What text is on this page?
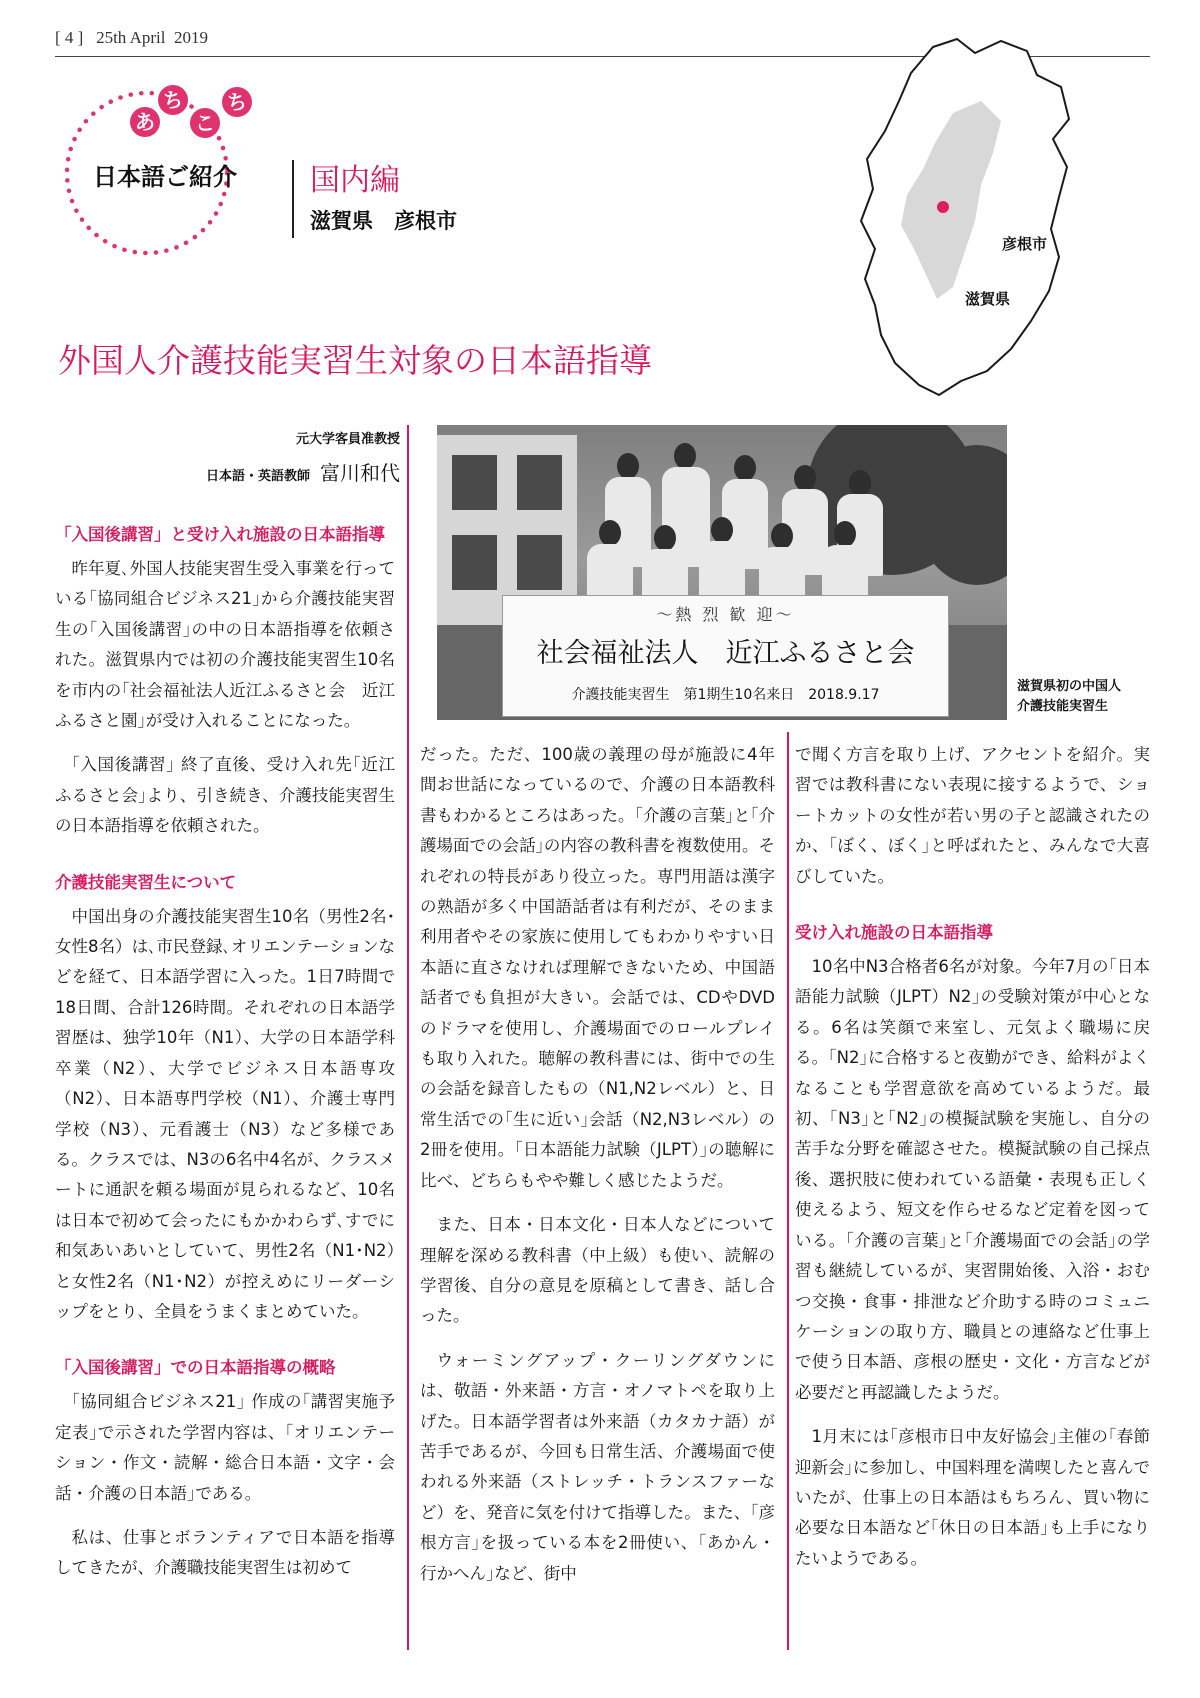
[ 4 ]   25th April  2019
あ
ち
こ
ち
日本語ご紹介 国内編
滋賀県　彦根市
彦根市
滋賀県
外国人介護技能実習生対象の日本語指導
元大学客員准教授
日本語・英語教師 富川和代
〜熱 烈 歓 迎〜
社会福祉法人　近江ふるさと会
介護技能実習生　第1期生10名来日　2018.9.17
滋賀県初の中国人
介護技能実習生
「入国後講習」と受け入れ施設の日本語指導

昨年夏､外国人技能実習生受入事業を行っている｢協同組合ビジネス21｣から介護技能実習生の｢入国後講習｣の中の日本語指導を依頼された。滋賀県内では初の介護技能実習生10名を市内の｢社会福祉法人近江ふるさと会　近江ふるさと園｣が受け入れることになった。

｢入国後講習｣ 終了直後、受け入れ先｢近江ふるさと会｣より、引き続き、介護技能実習生の日本語指導を依頼された。

介護技能実習生について

中国出身の介護技能実習生10名（男性2名･女性8名）は､市民登録､オリエンテーションなどを経て、日本語学習に入った。1日7時間で18日間、合計126時間。それぞれの日本語学習歴は、独学10年（N1）、大学の日本語学科卒業（N2）、大学でビジネス日本語専攻（N2）、日本語専門学校（N1）、介護士専門学校（N3）、元看護士（N3）など多様である。クラスでは、N3の6名中4名が、クラスメートに通訳を頼る場面が見られるなど、10名は日本で初めて会ったにもかかわらず､すでに和気あいあいとしていて、男性2名（N1･N2）と女性2名（N1･N2）が控えめにリーダーシップをとり、全員をうまくまとめていた。

「入国後講習」での日本語指導の概略

｢協同組合ビジネス21｣ 作成の｢講習実施予定表｣で示された学習内容は、｢オリエンテーション・作文・読解・総合日本語・文字・会話・介護の日本語｣である。

私は、仕事とボランティアで日本語を指導してきたが、介護職技能実習生は初めて

だった。ただ、100歳の義理の母が施設に4年間お世話になっているので、介護の日本語教科書もわかるところはあった。｢介護の言葉｣と｢介護場面での会話｣の内容の教科書を複数使用。それぞれの特長があり役立った。専門用語は漢字の熟語が多く中国語話者は有利だが、そのまま利用者やその家族に使用してもわかりやすい日本語に直さなければ理解できないため、中国語話者でも負担が大きい。会話では、CDやDVDのドラマを使用し、介護場面でのロールプレイも取り入れた。聴解の教科書には、街中での生の会話を録音したもの（N1,N2レベル）と、日常生活での｢生に近い｣会話（N2,N3レベル）の2冊を使用。｢日本語能力試験（JLPT）｣の聴解に比べ、どちらもやや難しく感じたようだ。

また、日本・日本文化・日本人などについて理解を深める教科書（中上級）も使い、読解の学習後、自分の意見を原稿として書き、話し合った。

ウォーミングアップ・クーリングダウンには、敬語・外来語・方言・オノマトペを取り上げた。日本語学習者は外来語（カタカナ語）が苦手であるが、今回も日常生活、介護場面で使われる外来語（ストレッチ・トランスファーなど）を、発音に気を付けて指導した。また、｢彦根方言｣を扱っている本を2冊使い、｢あかん・行かへん｣など、街中

で聞く方言を取り上げ、アクセントを紹介。実習では教科書にない表現に接するようで、ショートカットの女性が若い男の子と認識されたのか、｢ぼく、ぼく｣と呼ばれたと、みんなで大喜びしていた。

受け入れ施設の日本語指導

10名中N3合格者6名が対象。今年7月の｢日本語能力試験（JLPT）N2｣の受験対策が中心となる。6名は笑顔で来室し、元気よく職場に戻る。｢N2｣に合格すると夜勤ができ、給料がよくなることも学習意欲を高めているようだ。最初、｢N3｣と｢N2｣の模擬試験を実施し、自分の苦手な分野を確認させた。模擬試験の自己採点後、選択肢に使われている語彙・表現も正しく使えるよう、短文を作らせるなど定着を図っている。｢介護の言葉｣と｢介護場面での会話｣の学習も継続しているが、実習開始後、入浴・おむつ交換・食事・排泄など介助する時のコミュニケーションの取り方、職員との連絡など仕事上で使う日本語、彦根の歴史・文化・方言などが必要だと再認識したようだ。

1月末には｢彦根市日中友好協会｣主催の｢春節迎新会｣に参加し、中国料理を満喫したと喜んでいたが、仕事上の日本語はもちろん、買い物に必要な日本語など｢休日の日本語｣も上手になりたいようである。
